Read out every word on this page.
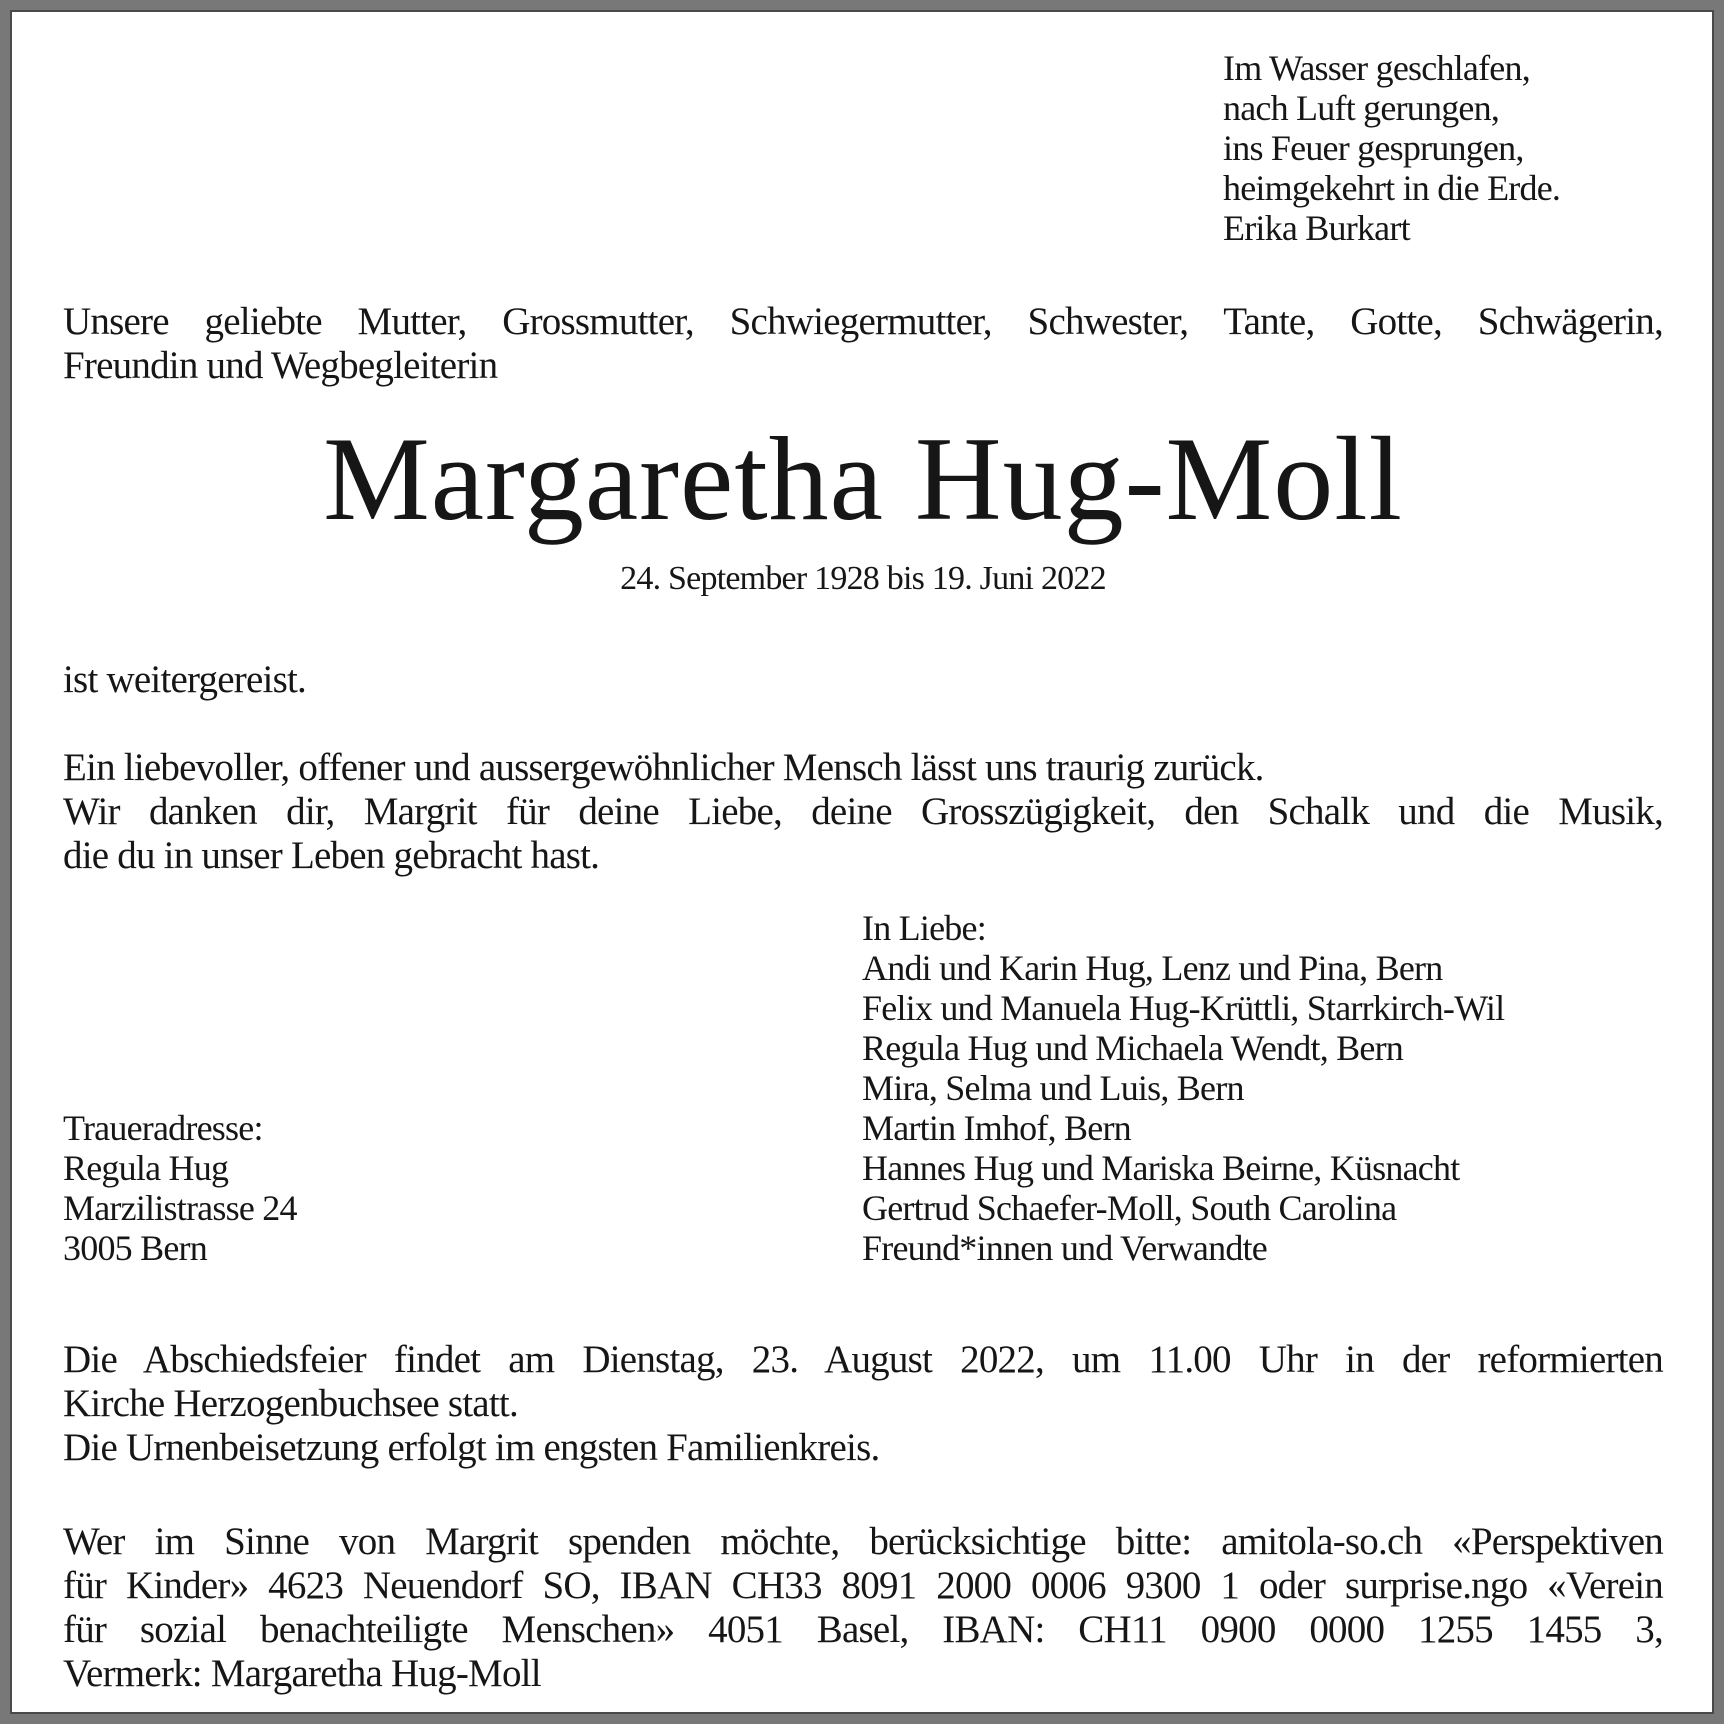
Im Wasser geschlafen,
nach Luft gerungen,
ins Feuer gesprungen,
heimgekehrt in die Erde.
Erika Burkart
Unsere geliebte Mutter, Grossmutter, Schwiegermutter, Schwester, Tante, Gotte, Schwägerin,
Freundin und Wegbegleiterin
Margaretha Hug-Moll
24. September 1928 bis 19. Juni 2022
ist weitergereist.
Ein liebevoller, offener und aussergewöhnlicher Mensch lässt uns traurig zurück.
Wir danken dir, Margrit für deine Liebe, deine Grosszügigkeit, den Schalk und die Musik,
die du in unser Leben gebracht hast.
Traueradresse:
Regula Hug
Marzilistrasse 24
3005 Bern
In Liebe:
Andi und Karin Hug, Lenz und Pina, Bern
Felix und Manuela Hug-Krüttli, Starrkirch-Wil
Regula Hug und Michaela Wendt, Bern
Mira, Selma und Luis, Bern
Martin Imhof, Bern
Hannes Hug und Mariska Beirne, Küsnacht
Gertrud Schaefer-Moll, South Carolina
Freund*innen und Verwandte
Die Abschiedsfeier findet am Dienstag, 23. August 2022, um 11.00 Uhr in der reformierten
Kirche Herzogenbuchsee statt.
Die Urnenbeisetzung erfolgt im engsten Familienkreis.
Wer im Sinne von Margrit spenden möchte, berücksichtige bitte: amitola-so.ch «Perspektiven
für Kinder» 4623 Neuendorf SO, IBAN CH33 8091 2000 0006 9300 1 oder surprise.ngo «Verein
für sozial benachteiligte Menschen» 4051 Basel, IBAN: CH11 0900 0000 1255 1455 3,
Vermerk: Margaretha Hug-Moll
